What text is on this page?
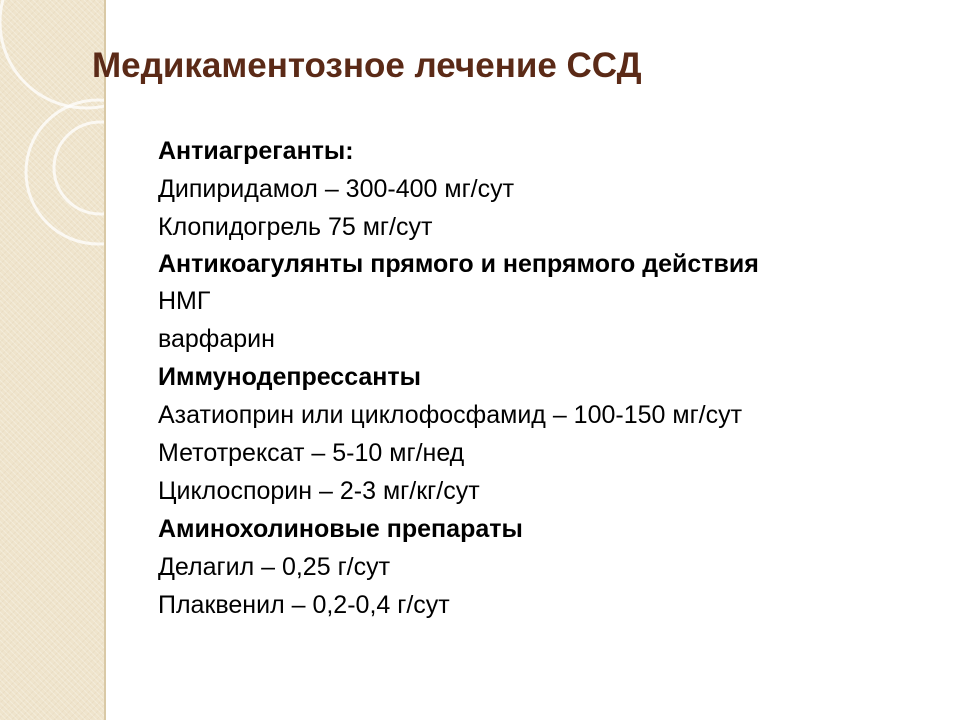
Медикаментозное лечение ССД
Антиагреганты:
Дипиридамол – 300-400 мг/сут
Клопидогрель 75 мг/сут
Антикоагулянты прямого и непрямого действия
НМГ
варфарин
Иммунодепрессанты
Азатиоприн или циклофосфамид – 100-150 мг/сут
Метотрексат – 5-10 мг/нед
Циклоспорин – 2-3 мг/кг/сут
Аминохолиновые препараты
Делагил – 0,25 г/сут
Плаквенил – 0,2-0,4 г/сут
